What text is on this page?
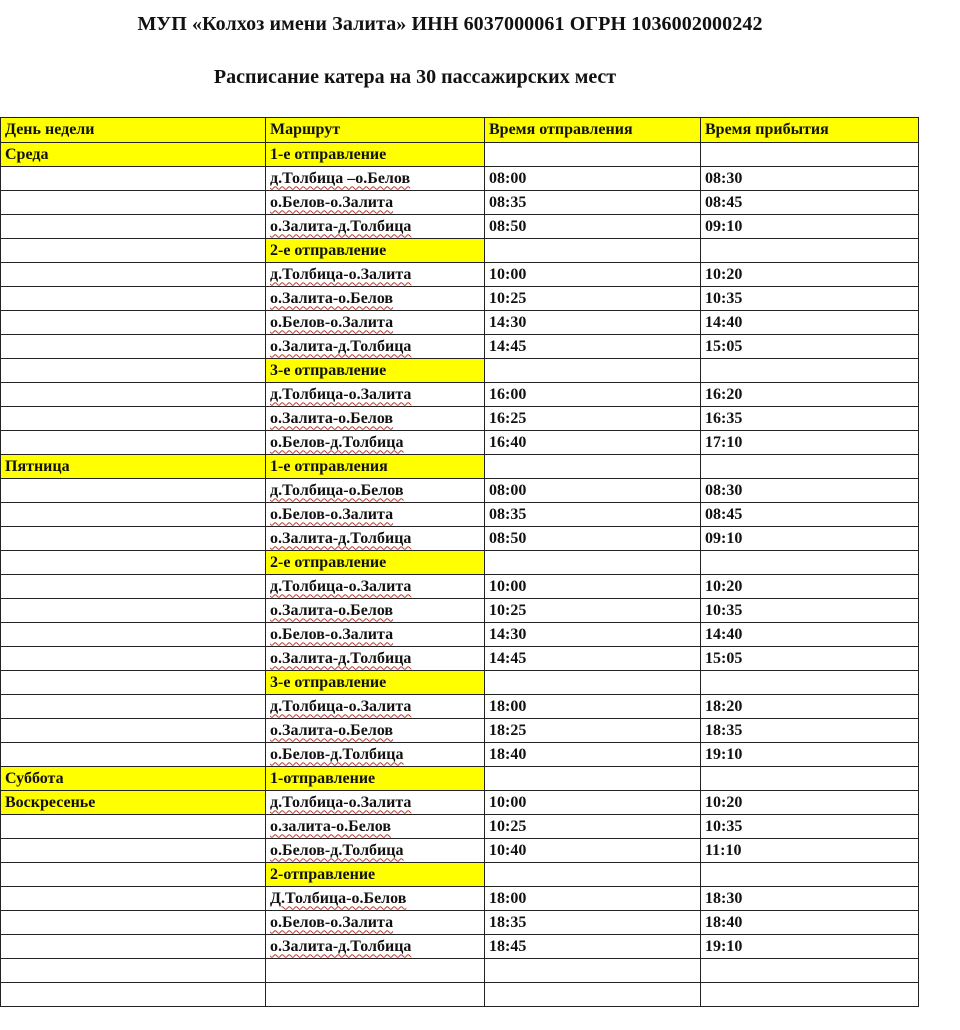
МУП «Колхоз имени Залита» ИНН 6037000061 ОГРН 1036002000242
Расписание катера на 30 пассажирских мест
День недели	Маршрут	Время отправления	Время прибытия
Среда	1-е отправление		
	д.Толбица –о.Белов	08:00	08:30
	о.Белов-о.Залита	08:35	08:45
	о.Залита-д.Толбица	08:50	09:10
	2-е отправление		
	д.Толбица-о.Залита	10:00	10:20
	о.Залита-о.Белов	10:25	10:35
	о.Белов-о.Залита	14:30	14:40
	о.Залита-д.Толбица	14:45	15:05
	3-е отправление		
	д.Толбица-о.Залита	16:00	16:20
	о.Залита-о.Белов	16:25	16:35
	о.Белов-д.Толбица	16:40	17:10
Пятница	1-е отправления		
	д.Толбица-о.Белов	08:00	08:30
	о.Белов-о.Залита	08:35	08:45
	о.Залита-д.Толбица	08:50	09:10
	2-е отправление		
	д.Толбица-о.Залита	10:00	10:20
	о.Залита-о.Белов	10:25	10:35
	о.Белов-о.Залита	14:30	14:40
	о.Залита-д.Толбица	14:45	15:05
	3-е отправление		
	д.Толбица-о.Залита	18:00	18:20
	о.Залита-о.Белов	18:25	18:35
	о.Белов-д.Толбица	18:40	19:10
Суббота	1-отправление		
Воскресенье	д.Толбица-о.Залита	10:00	10:20
	о.залита-о.Белов	10:25	10:35
	о.Белов-д.Толбица	10:40	11:10
	2-отправление		
	Д.Толбица-о.Белов	18:00	18:30
	о.Белов-о.Залита	18:35	18:40
	о.Залита-д.Толбица	18:45	19:10
